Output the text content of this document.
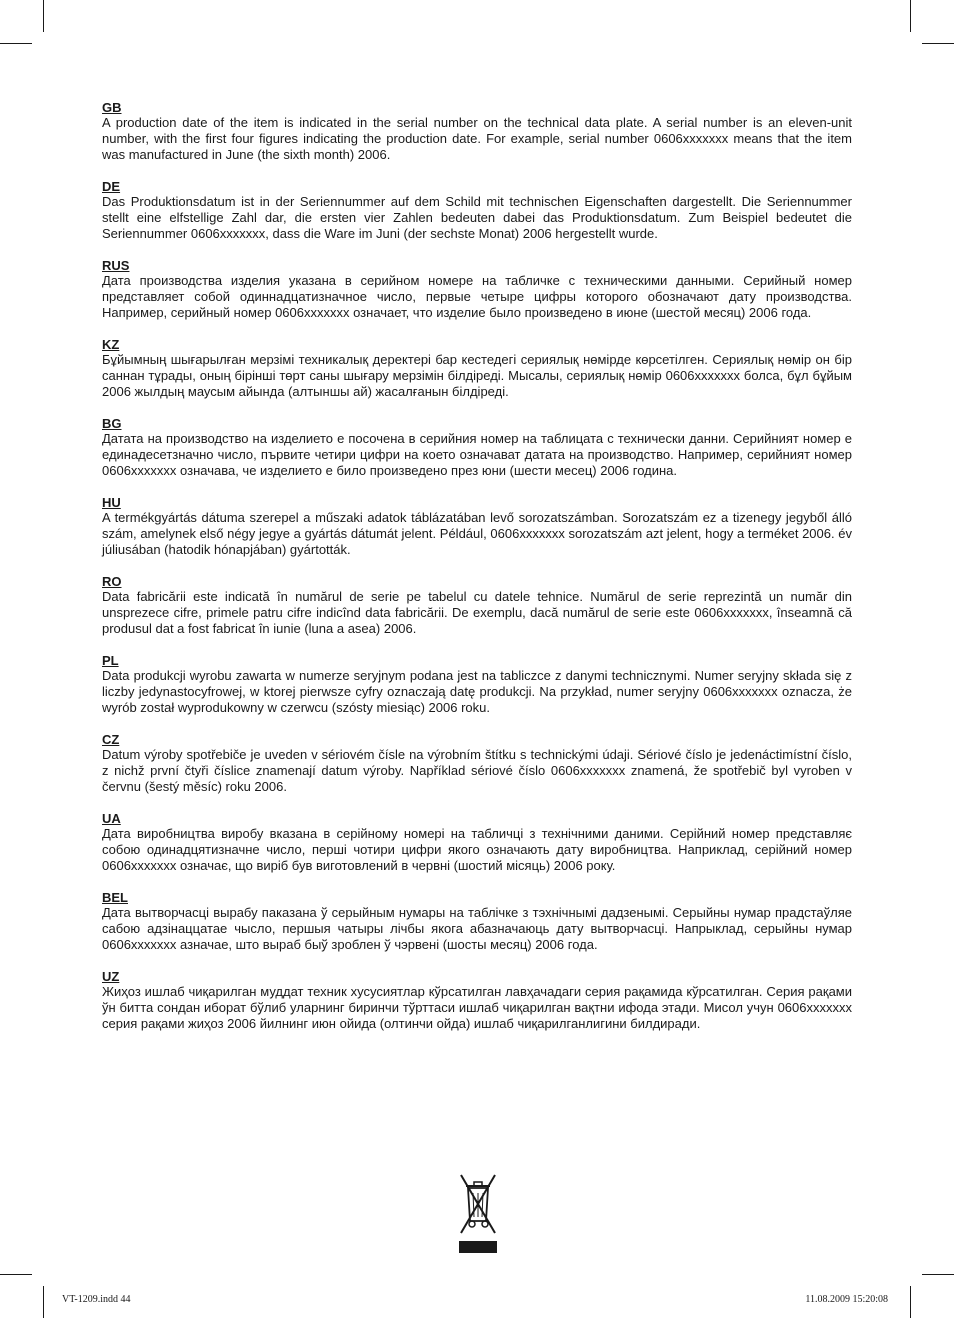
GB

A production date of the item is indicated in the serial number on the technical data plate. A serial number is an eleven-unit number, with the first four figures indicating the production date. For example, serial number 0606xxxxxxx means that the item was manufactured in June (the sixth month) 2006.

DE

Das Produktionsdatum ist in der Seriennummer auf dem Schild mit technischen Eigenschaften dargestellt. Die Seriennummer stellt eine elfstellige Zahl dar, die ersten vier Zahlen bedeuten dabei das Produktionsdatum. Zum Beispiel bedeutet die Seriennummer 0606xxxxxxx, dass die Ware im Juni (der sechste Monat) 2006 hergestellt wurde.

RUS

Дата производства изделия указана в серийном номере на табличке с техническими данными. Серийный номер представляет собой одиннадцатизначное число, первые четыре цифры которого обозначают дату производства. Например, серийный номер 0606xxxxxxx означает, что изделие было произведено в июне (шестой месяц) 2006 года.

KZ

Бұйымның шығарылған мерзімі техникалық деректері бар кестедегі сериялық нөмірде көрсетілген. Сериялық нөмір он бір саннан тұрады, оның бірінші төрт саны шығару мерзімін білдіреді. Мысалы, сериялық нөмір 0606xxxxxxx болса, бұл бұйым 2006 жылдың маусым айында (алтыншы ай) жасалғанын білдіреді.

BG

Датата на производство на изделието е посочена в серийния номер на таблицата с технически данни. Серийният номер е единадесетзначно число, първите четири цифри на което означават датата на производство. Например, серийният номер 0606xxxxxxx означава, че изделието е било произведено през юни (шести месец) 2006 година.

HU

A termékgyártás dátuma szerepel a műszaki adatok táblázatában levő sorozatszámban. Sorozatszám ez a tizenegy jegyből álló szám, amelynek első négy jegye a gyártás dátumát jelent. Például, 0606xxxxxxx sorozatszám azt jelent, hogy a terméket 2006. év júliusában (hatodik hónapjában) gyártották.

RO

Data fabricării este indicată în numărul de serie pe tabelul cu datele tehnice. Numărul de serie reprezintă un număr din unsprezece cifre, primele patru cifre indicînd data fabricării. De exemplu, dacă numărul de serie este 0606xxxxxxx, înseamnă că produsul dat a fost fabricat în iunie (luna a asea) 2006.

PL

Data produkcji wyrobu zawarta w numerze seryjnym podana jest na tabliczce z danymi technicznymi. Numer seryjny składa się z liczby jedynastocyfrowej, w ktorej pierwsze cyfry oznaczają datę produkcji. Na przykład, numer seryjny 0606xxxxxxx oznacza, że wyrób został wyprodukowny w czerwcu (szósty miesiąc) 2006 roku.

CZ

Datum výroby spotřebiče je uveden v sériovém čísle na výrobním štítku s technickými údaji. Sériové číslo je jedenáctimístní číslo, z nichž první čtyři číslice znamenají datum výroby. Například sériové číslo 0606xxxxxxx znamená, že spotřebič byl vyroben v červnu (šestý měsíc) roku 2006.

UA

Дата виробництва виробу вказана в серійному номері на табличці з технічними даними. Серійний номер представляє собою одинадцятизначне число, перші чотири цифри якого означають дату виробництва. Наприклад, серійний номер 0606xxxxxxx означає, що виріб був виготовлений в червні (шостий місяць) 2006 року.

BEL

Дата вытворчасці вырабу паказана ў серыйным нумары на таблічке з тэхнічнымі дадзенымі. Серыйны нумар прадстаўляе сабою адзінаццатае чысло, першыя чатыры лічбы якога абазначаюць дату вытворчасці. Напрыклад, серыйны нумар 0606xxxxxxx азначае, што выраб быў зроблен ў чэрвені (шосты месяц) 2006 года.

UZ

Жиҳоз ишлаб чиқарилган муддат техник хусусиятлар кўрсатилган лавҳачадаги серия рақамида кўрсатилган. Серия рақами ўн битта сондан иборат бўлиб уларнинг биринчи тўрттаси ишлаб чиқарилган вақтни ифода этади. Мисол учун 0606xxxxxxx серия рақами жиҳоз 2006 йилнинг июн ойида (олтинчи ойда) ишлаб чиқарилганлигини билдиради.

VT-1209.indd 44	11.08.2009 15:20:08
